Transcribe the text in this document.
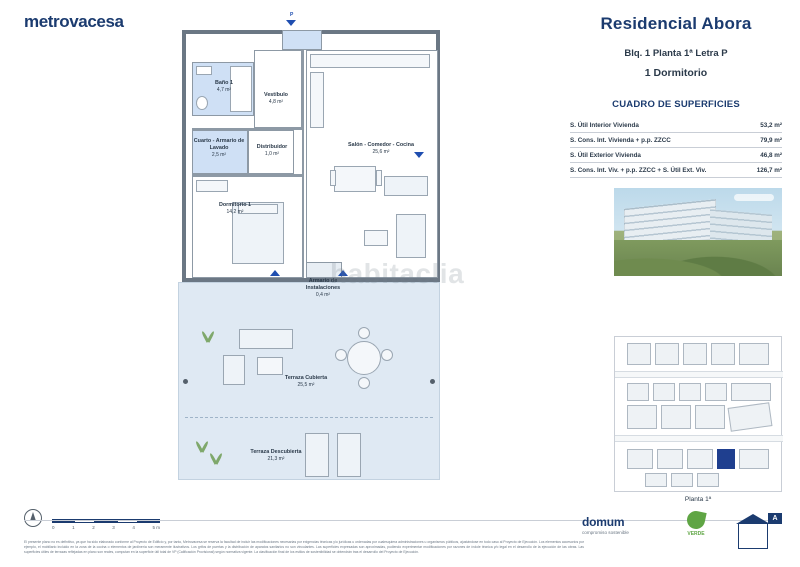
metrovacesa	Residencial Abora
Blq. 1 Planta 1ª Letra P
1 Dormitorio
CUADRO DE SUPERFICIES
S. Útil Interior Vivienda	53,2 m²
S. Cons. Int. Vivienda + p.p. ZZCC	79,9 m²
S. Útil Exterior Vivienda	46,8 m²
S. Cons. Int. Viv. + p.p. ZZCC + S. Útil Ext. Viv.	126,7 m²
Planta 1ª
P
Baño 1
4,7 m²
Vestíbulo
4,8 m²
Cuarto - Armario de Lavado
2,5 m²
Distribuidor
1,0 m²
Salón - Comedor - Cocina
25,6 m²
Dormitorio 1
14,2 m²
Terraza Cubierta
25,5 m²
Terraza Descubierta
21,3 m²
Armario de Instalaciones
0,4 m²
habitaclia
0	1	2	3	4	5 m
El presente plano no es definitivo, ya que ha sido elaborado conforme al Proyecto de Edificio y, por tanto, Metrovacesa se reserva la facultad de incluir las modificaciones necesarias por exigencias técnicas y/o jurídicas u ordenadas por cualesquiera administraciones u organismos públicos, ajustándose en todo caso al Proyecto de Ejecución. Los elementos accesorios por ejemplo, el mobiliario incluido en la zona de la cocina o elementos de jardinería son meramente ilustrativos. Los grifos de puertas y la distribución de aparatos sanitarios no son vinculantes. Las superficies expresadas son aproximadas, pudiendo experimentar modificaciones por razones de índole técnica y/o legal en el desarrollo de la ejecución de las obras. Las superficies útiles de terrazas reflejadas en plano son reales, computan en la superficie útil total de VP (Calificación Provisional) según normativa vigente. La clasificación final de los estilos de sostenibilidad se obtendrán tras el desarrollo del Proyecto de Ejecución.
domum
compromiso sostenible	VERDE
A
